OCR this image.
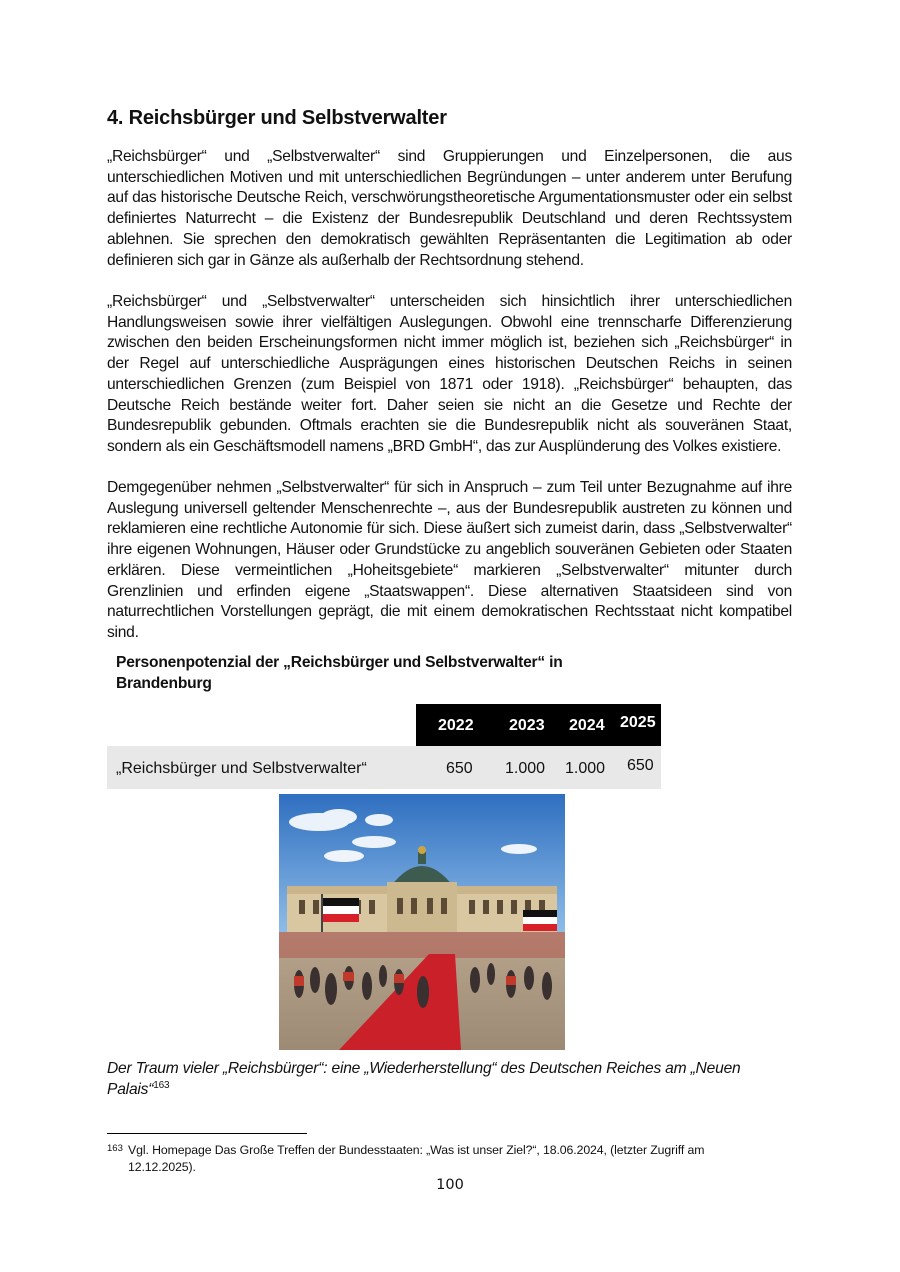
4. Reichsbürger und Selbstverwalter

„Reichsbürger“ und „Selbstverwalter“ sind Gruppierungen und Einzelpersonen, die aus unterschiedlichen Motiven und mit unterschiedlichen Begründungen – unter anderem unter Berufung auf das historische Deutsche Reich, verschwörungstheoretische Argumentationsmuster oder ein selbst definiertes Naturrecht – die Existenz der Bundesrepublik Deutschland und deren Rechtssystem ablehnen. Sie sprechen den demokratisch gewählten Repräsentanten die Legitimation ab oder definieren sich gar in Gänze als außerhalb der Rechtsordnung stehend.

„Reichsbürger“ und „Selbstverwalter“ unterscheiden sich hinsichtlich ihrer unterschiedlichen Handlungsweisen sowie ihrer vielfältigen Auslegungen. Obwohl eine trennscharfe Differenzierung zwischen den beiden Erscheinungsformen nicht immer möglich ist, beziehen sich „Reichsbürger“ in der Regel auf unterschiedliche Ausprägungen eines historischen Deutschen Reichs in seinen unterschiedlichen Grenzen (zum Beispiel von 1871 oder 1918). „Reichsbürger“ behaupten, das Deutsche Reich bestände weiter fort. Daher seien sie nicht an die Gesetze und Rechte der Bundesrepublik gebunden. Oftmals erachten sie die Bundesrepublik nicht als souveränen Staat, sondern als ein Geschäftsmodell namens „BRD GmbH“, das zur Ausplünderung des Volkes existiere.

Demgegenüber nehmen „Selbstverwalter“ für sich in Anspruch – zum Teil unter Bezugnahme auf ihre Auslegung universell geltender Menschenrechte –, aus der Bundesrepublik austreten zu können und reklamieren eine rechtliche Autonomie für sich. Diese äußert sich zumeist darin, dass „Selbstverwalter“ ihre eigenen Wohnungen, Häuser oder Grundstücke zu angeblich souveränen Gebieten oder Staaten erklären. Diese vermeintlichen „Hoheitsgebiete“ markieren „Selbstverwalter“ mitunter durch Grenzlinien und erfinden eigene „Staatswappen“. Diese alternativen Staatsideen sind von naturrechtlichen Vorstellungen geprägt, die mit einem demokratischen Rechtsstaat nicht kompatibel sind.

Personenpotenzial der „Reichsbürger und Selbstverwalter“ in Brandenburg
2022 2023 2024 2025
„Reichsbürger und Selbstverwalter“	650 1.000 1.000 650
Der Traum vieler „Reichsbürger“: eine „Wiederherstellung“ des Deutschen Reiches am „Neuen Palais“$^{163}$
163 Vgl. Homepage Das Große Treffen der Bundesstaaten: „Was ist unser Ziel?“, 18.06.2024, (letzter Zugriff am 12.12.2025).
100
